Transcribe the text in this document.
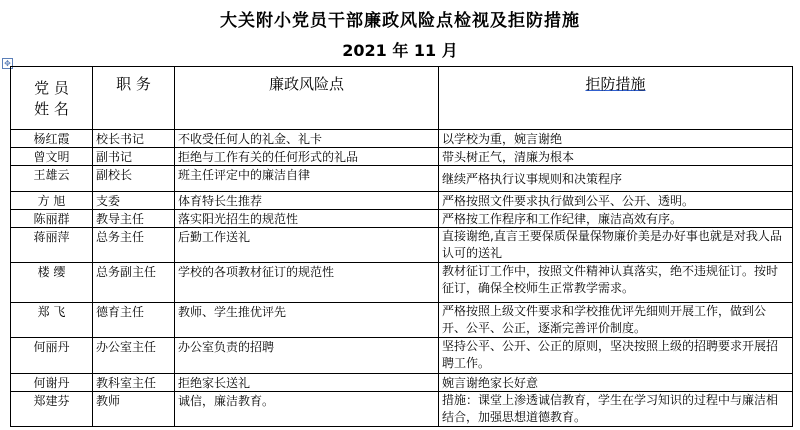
大关附小党员干部廉政风险点检视及拒防措施
2021 年 11 月
✥
党 员
姓 名	职 务	廉政风险点	拒防措施
杨红霞	校长书记	不收受任何人的礼金、礼卡	以学校为重，婉言谢绝
曾文明	副书记	拒绝与工作有关的任何形式的礼品	带头树正气，清廉为根本
王雄云	副校长	班主任评定中的廉洁自律	继续严格执行议事规则和决策程序
方 旭	支委	体育特长生推荐	严格按照文件要求执行做到公平、公开、透明。
陈丽群	教导主任	落实阳光招生的规范性	严格按工作程序和工作纪律，廉洁高效有序。
蒋丽萍	总务主任	后勤工作送礼	直接谢绝,直言王要保质保量保物廉价美是办好事也就是对我人品认可的送礼
楼 缨	总务副主任	学校的各项教材征订的规范性	教材征订工作中，按照文件精神认真落实，绝不违规征订。按时征订，确保全校师生正常教学需求。
郑 飞	德育主任	教师、学生推优评先	严格按照上级文件要求和学校推优评先细则开展工作，做到公开、公平、公正，逐渐完善评价制度。
何丽丹	办公室主任	办公室负责的招聘	坚持公平、公开、公正的原则，坚决按照上级的招聘要求开展招聘工作。
何谢丹	教科室主任	拒绝家长送礼	婉言谢绝家长好意
郑建芬	教师	诚信，廉洁教育。	措施：课堂上渗透诚信教育，学生在学习知识的过程中与廉洁相结合，加强思想道德教育。
